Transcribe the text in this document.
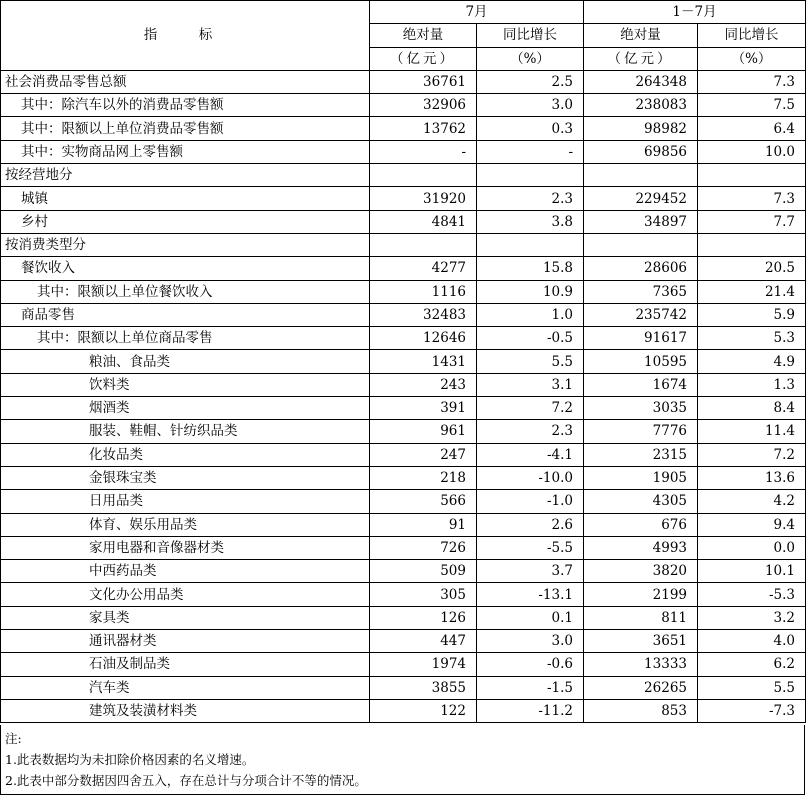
指　标	7月		1－7月	
	绝对量	同比增长	绝对量	同比增长
	（亿元）	（%）	（亿元）	（%）
社会消费品零售总额	36761	2.5	264348	7.3
其中：除汽车以外的消费品零售额	32906	3.0	238083	7.5
其中：限额以上单位消费品零售额	13762	0.3	98982	6.4
其中：实物商品网上零售额	-	-	69856	10.0
按经营地分				
城镇	31920	2.3	229452	7.3
乡村	4841	3.8	34897	7.7
按消费类型分				
餐饮收入	4277	15.8	28606	20.5
其中：限额以上单位餐饮收入	1116	10.9	7365	21.4
商品零售	32483	1.0	235742	5.9
其中：限额以上单位商品零售	12646	-0.5	91617	5.3
粮油、食品类	1431	5.5	10595	4.9
饮料类	243	3.1	1674	1.3
烟酒类	391	7.2	3035	8.4
服装、鞋帽、针纺织品类	961	2.3	7776	11.4
化妆品类	247	-4.1	2315	7.2
金银珠宝类	218	-10.0	1905	13.6
日用品类	566	-1.0	4305	4.2
体育、娱乐用品类	91	2.6	676	9.4
家用电器和音像器材类	726	-5.5	4993	0.0
中西药品类	509	3.7	3820	10.1
文化办公用品类	305	-13.1	2199	-5.3
家具类	126	0.1	811	3.2
通讯器材类	447	3.0	3651	4.0
石油及制品类	1974	-0.6	13333	6.2
汽车类	3855	-1.5	26265	5.5
建筑及装潢材料类	122	-11.2	853	-7.3
注:
1.此表数据均为未扣除价格因素的名义增速。
2.此表中部分数据因四舍五入，存在总计与分项合计不等的情况。
